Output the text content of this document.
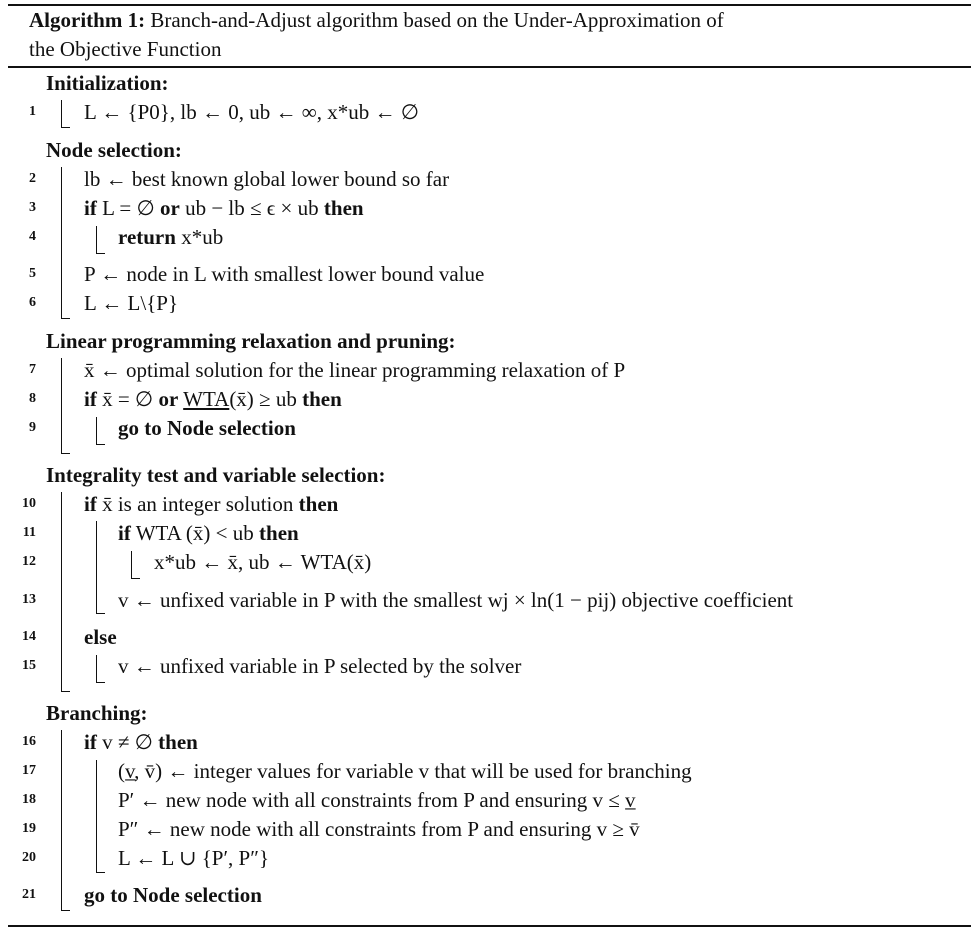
Algorithm 1: Branch-and-Adjust algorithm based on the Under-Approximation of
the Objective Function
Initialization:
1 L ← {P0}, lb ← 0, ub ← ∞, x*ub ← ∅
Node selection:
2 lb ← best known global lower bound so far
3 if L = ∅ or ub − lb ≤ ϵ × ub then
4	return x*ub
5 P ← node in L with smallest lower bound value
6 L ← L\{P}
Linear programming relaxation and pruning:
7 x̄ ← optimal solution for the linear programming relaxation of P
8 if x̄ = ∅ or WTA(x̄) ≥ ub then
9	go to Node selection
Integrality test and variable selection:
10 if x̄ is an integer solution then
11	if WTA (x̄) < ub then
12	x*ub ← x̄, ub ← WTA(x̄)
13	v ← unfixed variable in P with the smallest wj × ln(1 − pij) objective coefficient
14 else
15	v ← unfixed variable in P selected by the solver
Branching:
16 if v ≠ ∅ then
17	(v̲, v̄) ← integer values for variable v that will be used for branching
18	P′ ← new node with all constraints from P and ensuring v ≤ v̲
19	P″ ← new node with all constraints from P and ensuring v ≥ v̄
20	L ← L ∪ {P′, P″}
21 go to Node selection
